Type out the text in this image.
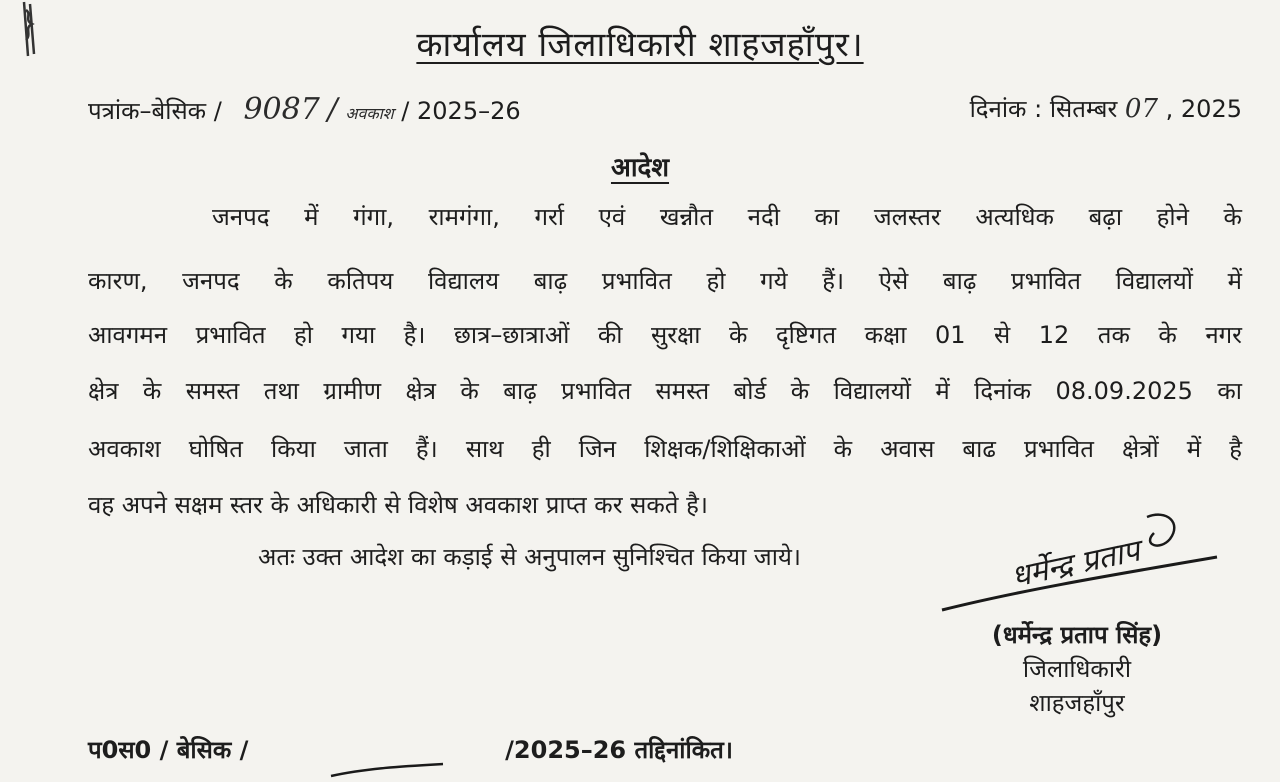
कार्यालय जिलाधिकारी शाहजहाँपुर।
पत्रांक–बेसिक / 9087 / अवकाश / 2025–26	दिनांक : सितम्बर 07 , 2025
आदेश
जनपद में गंगा, रामगंगा, गर्रा एवं खन्नौत नदी का जलस्तर अत्यधिक बढ़ा होने के
कारण, जनपद के कतिपय विद्यालय बाढ़ प्रभावित हो गये हैं। ऐसे बाढ़ प्रभावित विद्यालयों में
आवगमन प्रभावित हो गया है। छात्र–छात्राओं की सुरक्षा के दृष्टिगत कक्षा 01 से 12 तक के नगर
क्षेत्र के समस्त तथा ग्रामीण क्षेत्र के बाढ़ प्रभावित समस्त बोर्ड के विद्यालयों में दिनांक 08.09.2025 का
अवकाश घोषित किया जाता हैं। साथ ही जिन शिक्षक/शिक्षिकाओं के अवास बाढ प्रभावित क्षेत्रों में है
वह अपने सक्षम स्तर के अधिकारी से विशेष अवकाश प्राप्त कर सकते है।
अतः उक्त आदेश का कड़ाई से अनुपालन सुनिश्चित किया जाये।	धर्मेन्द्र प्रताप
(धर्मेन्द्र प्रताप सिंह)
जिलाधिकारी
शाहजहाँपुर
प0स0 / बेसिक /	/2025–26 तद्दिनांकित।
